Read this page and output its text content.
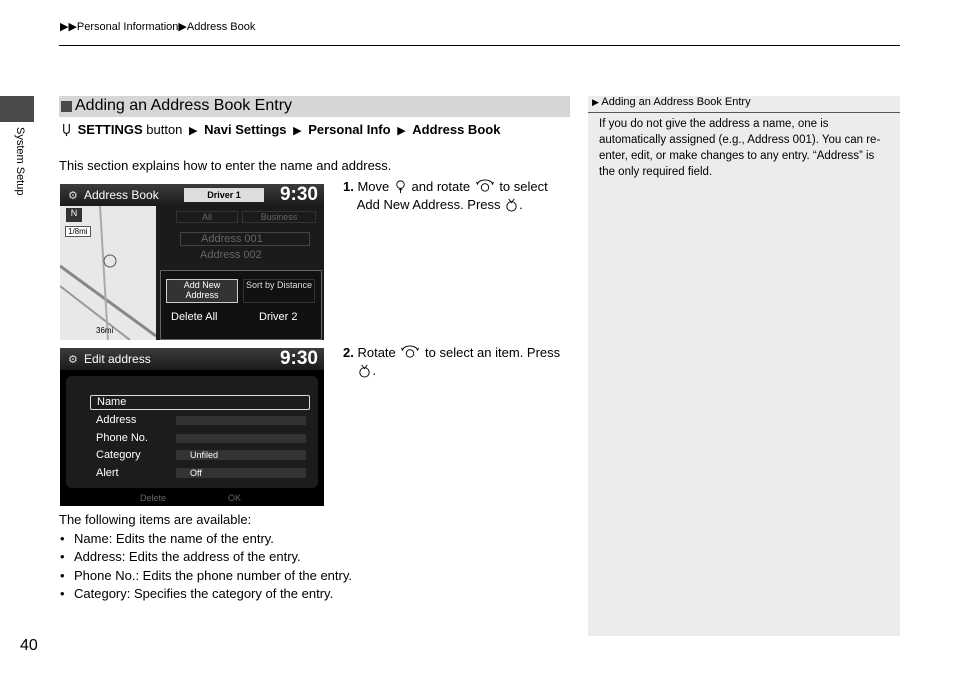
▶▶Personal Information▶Address Book
System Setup
40
Adding an Address Book Entry
SETTINGS button ▶ Navi Settings ▶ Personal Info ▶ Address Book
This section explains how to enter the name and address.
1. Move and rotate to select
Add New Address. Press .
2. Rotate to select an item. Press
.
⚙ Address Book	Driver 1	9:30
N
1/8mi
36mi
All	Business
Address 001
Address 002
Add New Address
Sort by Distance
Delete All	Driver 2
⚙ Edit address	9:30
Name
Address
Phone No.
Category	Unfiled
Alert	Off
Delete	OK
The following items are available:
• Name: Edits the name of the entry.
• Address: Edits the address of the entry.
• Phone No.: Edits the phone number of the entry.
• Category: Specifies the category of the entry.
▶ Adding an Address Book Entry
If you do not give the address a name, one is automatically assigned (e.g., Address 001). You can re-enter, edit, or make changes to any entry. “Address” is the only required field.
